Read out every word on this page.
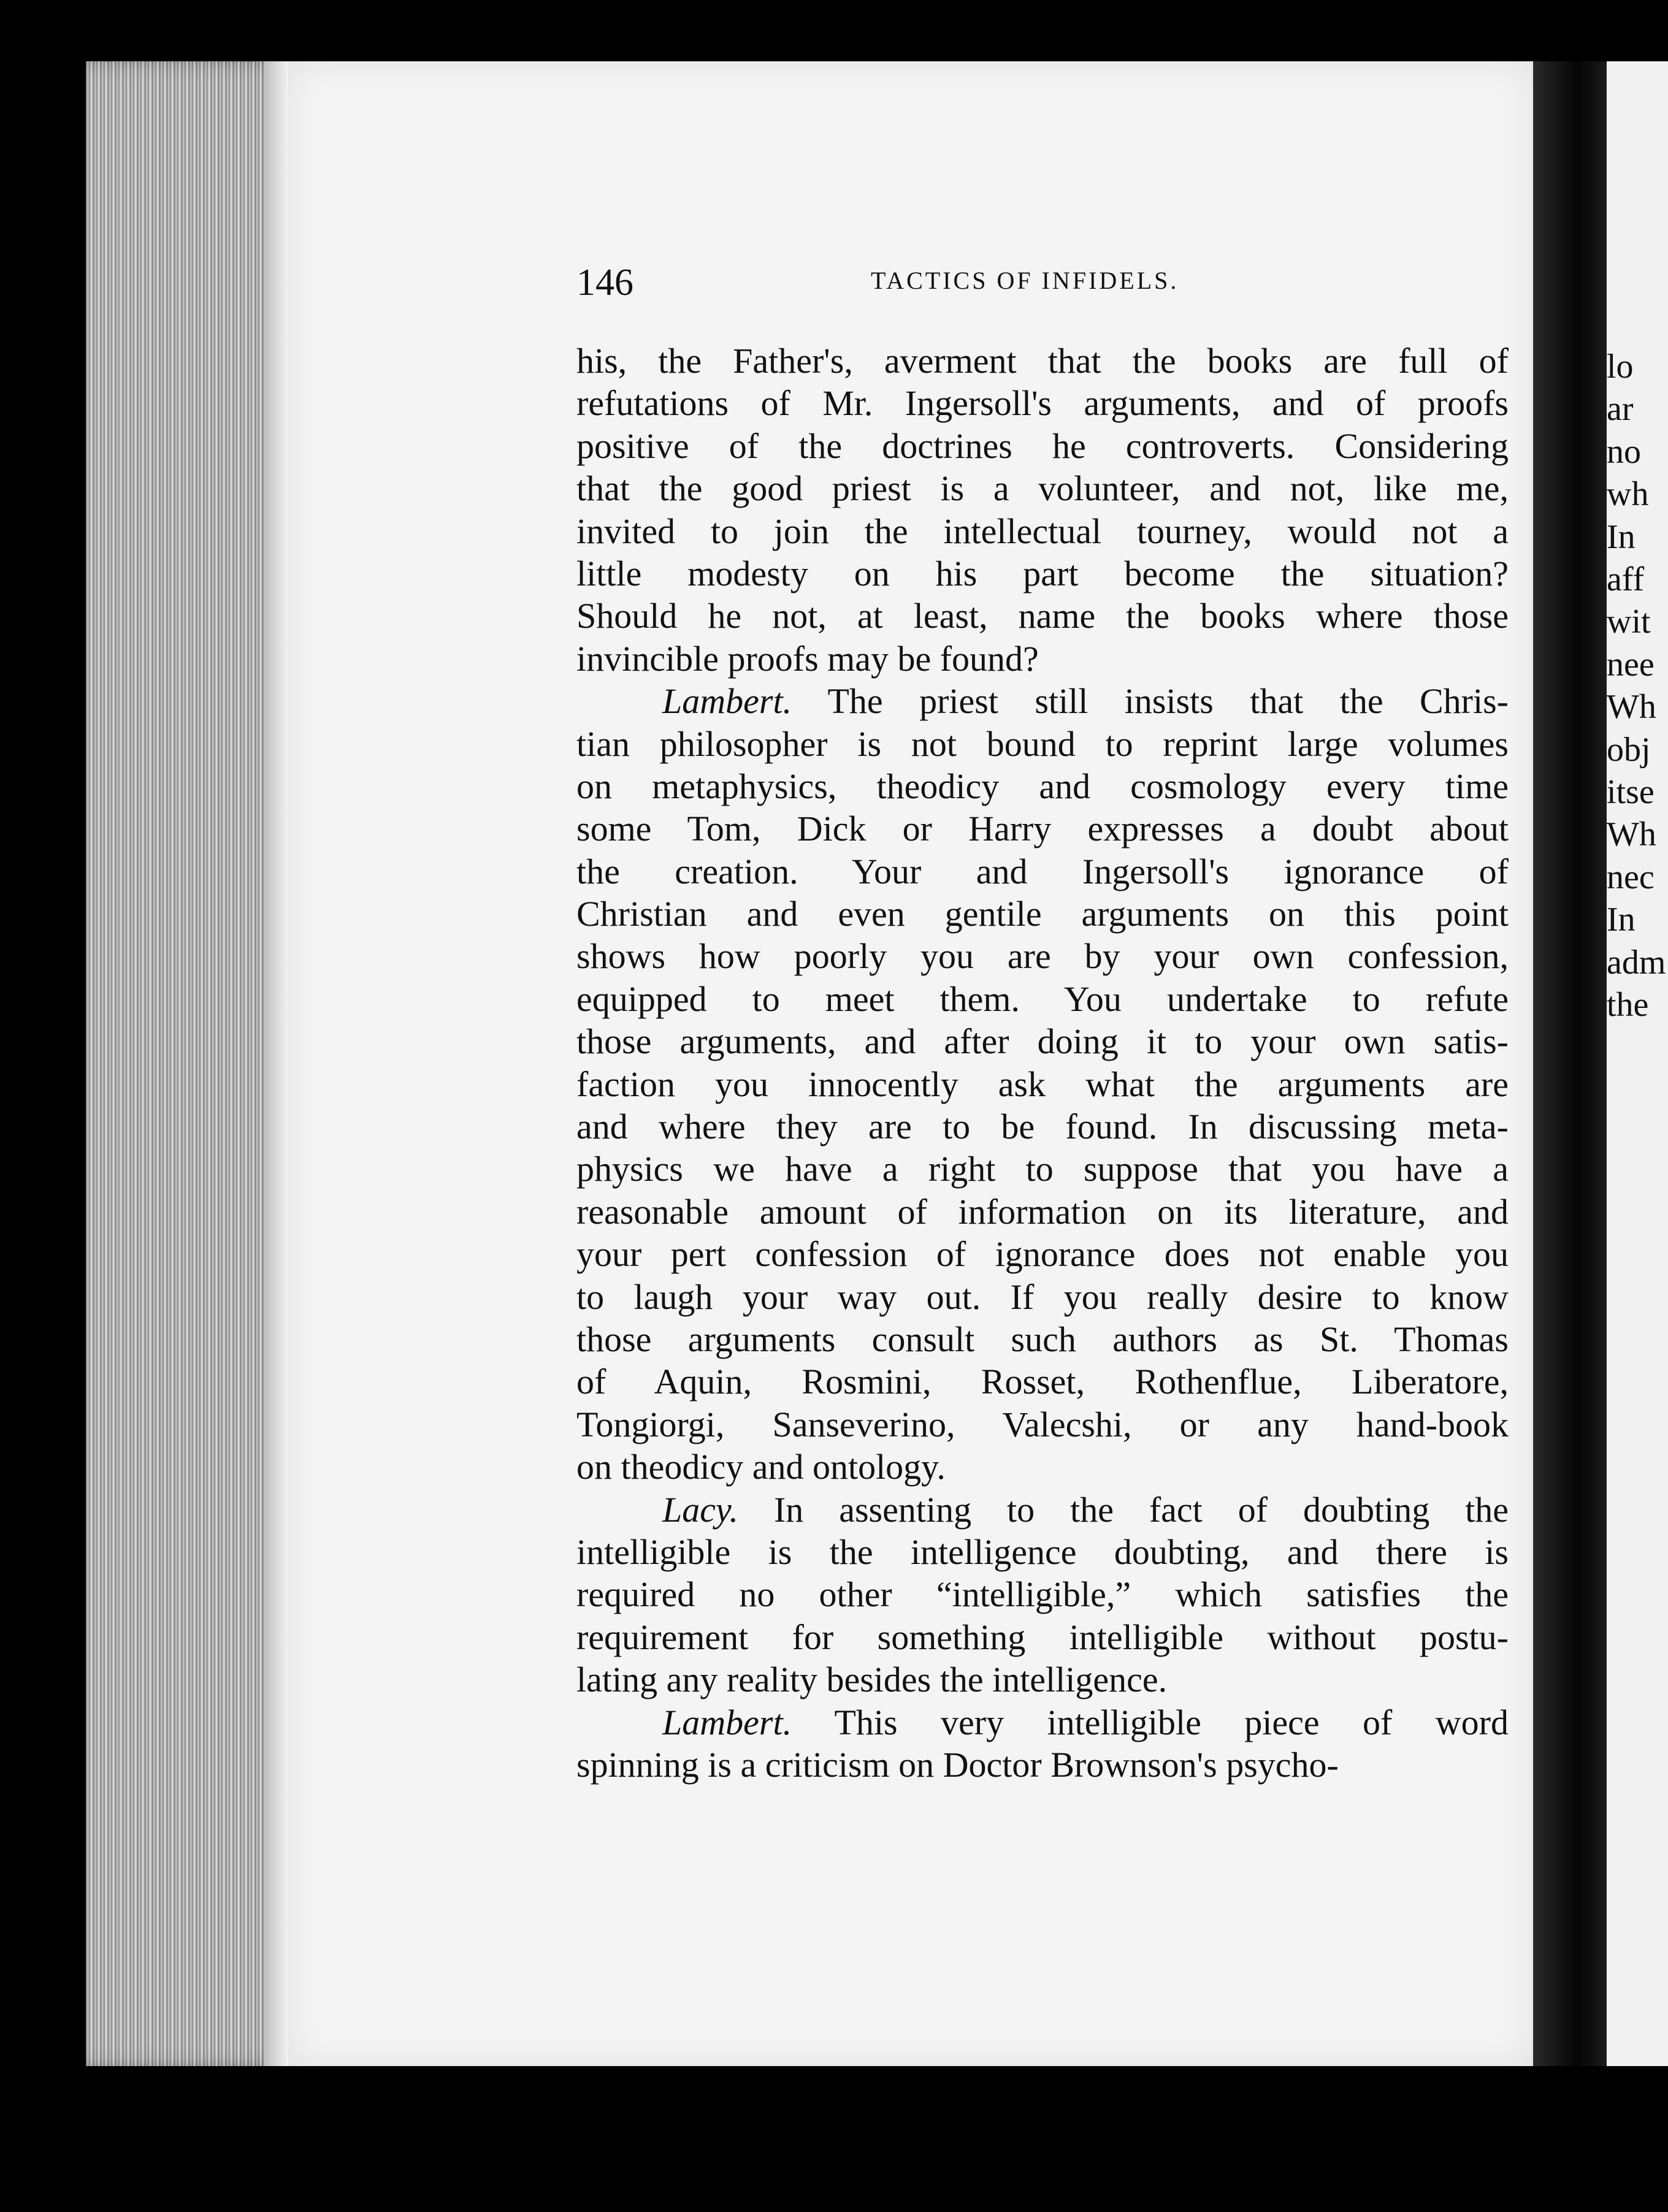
lo
ar
no
wh
In
aff
wit
nee
Wh
obj
itse
Wh
nec
In
adm
the
146	TACTICS OF INFIDELS.
his, the Father's, averment that the books are full of
refutations of Mr. Ingersoll's arguments, and of proofs
positive of the doctrines he controverts. Considering
that the good priest is a volunteer, and not, like me,
invited to join the intellectual tourney, would not a
little modesty on his part become the situation?
Should he not, at least, name the books where those
invincible proofs may be found?
Lambert. The priest still insists that the Chris-
tian philosopher is not bound to reprint large volumes
on metaphysics, theodicy and cosmology every time
some Tom, Dick or Harry expresses a doubt about
the creation. Your and Ingersoll's ignorance of
Christian and even gentile arguments on this point
shows how poorly you are by your own confession,
equipped to meet them. You undertake to refute
those arguments, and after doing it to your own satis-
faction you innocently ask what the arguments are
and where they are to be found. In discussing meta-
physics we have a right to suppose that you have a
reasonable amount of information on its literature, and
your pert confession of ignorance does not enable you
to laugh your way out. If you really desire to know
those arguments consult such authors as St. Thomas
of Aquin, Rosmini, Rosset, Rothenflue, Liberatore,
Tongiorgi, Sanseverino, Valecshi, or any hand-book
on theodicy and ontology.
Lacy. In assenting to the fact of doubting the
intelligible is the intelligence doubting, and there is
required no other “intelligible,” which satisfies the
requirement for something intelligible without postu-
lating any reality besides the intelligence.
Lambert. This very intelligible piece of word
spinning is a criticism on Doctor Brownson's psycho-
